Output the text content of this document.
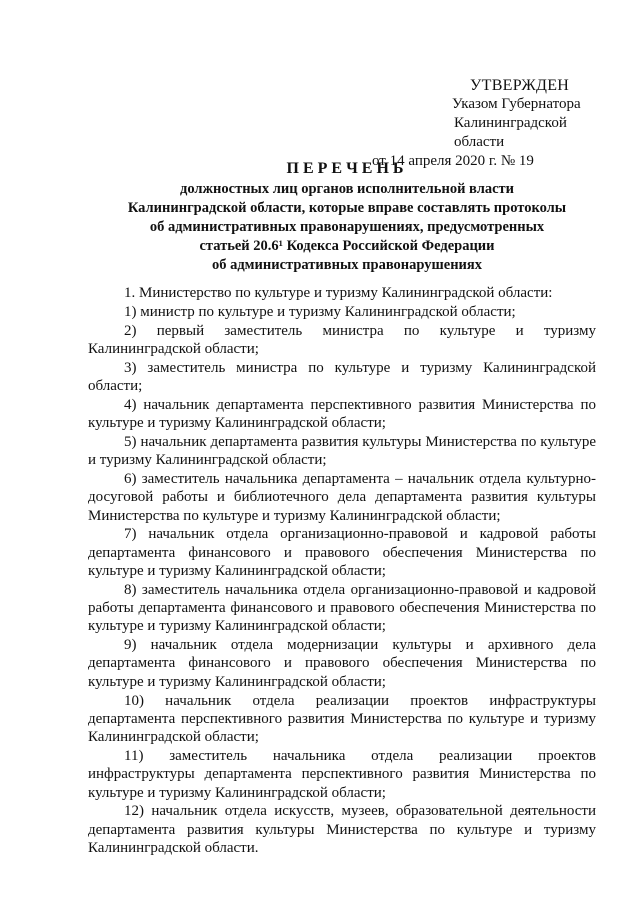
УТВЕРЖДЕН
Указом Губернатора
Калининградской области
от 14 апреля 2020 г. № 19
ПЕРЕЧЕНЬ
должностных лиц органов исполнительной власти
Калининградской области, которые вправе составлять протоколы
об административных правонарушениях, предусмотренных
статьей 20.6¹ Кодекса Российской Федерации
об административных правонарушениях

1. Министерство по культуре и туризму Калининградской области:

1) министр по культуре и туризму Калининградской области;

2) первый заместитель министра по культуре и туризму Калининградской области;

3) заместитель министра по культуре и туризму Калининградской области;

4) начальник департамента перспективного развития Министерства по культуре и туризму Калининградской области;

5) начальник департамента развития культуры Министерства по культуре и туризму Калининградской области;

6) заместитель начальника департамента – начальник отдела культурно-досуговой работы и библиотечного дела департамента развития культуры Министерства по культуре и туризму Калининградской области;

7) начальник отдела организационно-правовой и кадровой работы департамента финансового и правового обеспечения Министерства по культуре и туризму Калининградской области;

8) заместитель начальника отдела организационно-правовой и кадровой работы департамента финансового и правового обеспечения Министерства по культуре и туризму Калининградской области;

9) начальник отдела модернизации культуры и архивного дела департамента финансового и правового обеспечения Министерства по культуре и туризму Калининградской области;

10) начальник отдела реализации проектов инфраструктуры департамента перспективного развития Министерства по культуре и туризму Калининградской области;

11) заместитель начальника отдела реализации проектов инфраструктуры департамента перспективного развития Министерства по культуре и туризму Калининградской области;

12) начальник отдела искусств, музеев, образовательной деятельности департамента развития культуры Министерства по культуре и туризму Калининградской области.
